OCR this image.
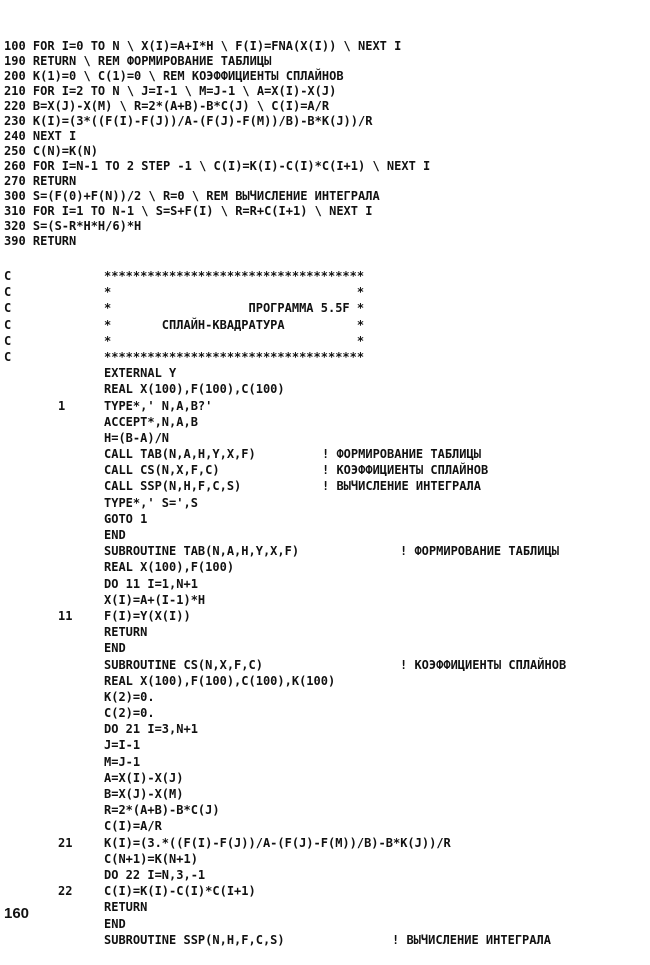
100 FOR I=0 TO N \ X(I)=A+I*H \ F(I)=FNA(X(I)) \ NEXT I
190 RETURN \ REM ФОРМИРОВАНИЕ ТАБЛИЦЫ
200 K(1)=0 \ C(1)=0 \ REM КОЭФФИЦИЕНТЫ СПЛАЙНОВ
210 FOR I=2 TO N \ J=I-1 \ M=J-1 \ A=X(I)-X(J)
220 B=X(J)-X(M) \ R=2*(A+B)-B*C(J) \ C(I)=A/R
230 K(I)=(3*((F(I)-F(J))/A-(F(J)-F(M))/B)-B*K(J))/R
240 NEXT I
250 C(N)=K(N)
260 FOR I=N-1 TO 2 STEP -1 \ C(I)=K(I)-C(I)*C(I+1) \ NEXT I
270 RETURN
300 S=(F(0)+F(N))/2 \ R=0 \ REM ВЫЧИСЛЕНИЕ ИНТЕГРАЛА
310 FOR I=1 TO N-1 \ S=S+F(I) \ R=R+C(I+1) \ NEXT I
320 S=(S-R*H*H/6)*H
390 RETURN
C	************************************
C	*                                  *
C	*                   ПРОГРАММА 5.5F *
C	*       СПЛАЙН-КВАДРАТУРА          *
C	*                                  *
C	************************************
EXTERNAL Y
REAL X(100),F(100),C(100)
1	TYPE*,' N,A,B?'
ACCEPT*,N,A,B
H=(B-A)/N
CALL TAB(N,A,H,Y,X,F)	! ФОРМИРОВАНИЕ ТАБЛИЦЫ
CALL CS(N,X,F,C)	! КОЭФФИЦИЕНТЫ СПЛАЙНОВ
CALL SSP(N,H,F,C,S)	! ВЫЧИСЛЕНИЕ ИНТЕГРАЛА
TYPE*,' S=',S
GOTO 1
END
SUBROUTINE TAB(N,A,H,Y,X,F)	! ФОРМИРОВАНИЕ ТАБЛИЦЫ
REAL X(100),F(100)
DO 11 I=1,N+1
X(I)=A+(I-1)*H
11	F(I)=Y(X(I))
RETURN
END
SUBROUTINE CS(N,X,F,C)	! КОЭФФИЦИЕНТЫ СПЛАЙНОВ
REAL X(100),F(100),C(100),K(100)
K(2)=0.
C(2)=0.
DO 21 I=3,N+1
J=I-1
M=J-1
A=X(I)-X(J)
B=X(J)-X(M)
R=2*(A+B)-B*C(J)
C(I)=A/R
21	K(I)=(3.*((F(I)-F(J))/A-(F(J)-F(M))/B)-B*K(J))/R
C(N+1)=K(N+1)
DO 22 I=N,3,-1
22	C(I)=K(I)-C(I)*C(I+1)
RETURN
END
SUBROUTINE SSP(N,H,F,C,S)	! ВЫЧИСЛЕНИЕ ИНТЕГРАЛА
160
